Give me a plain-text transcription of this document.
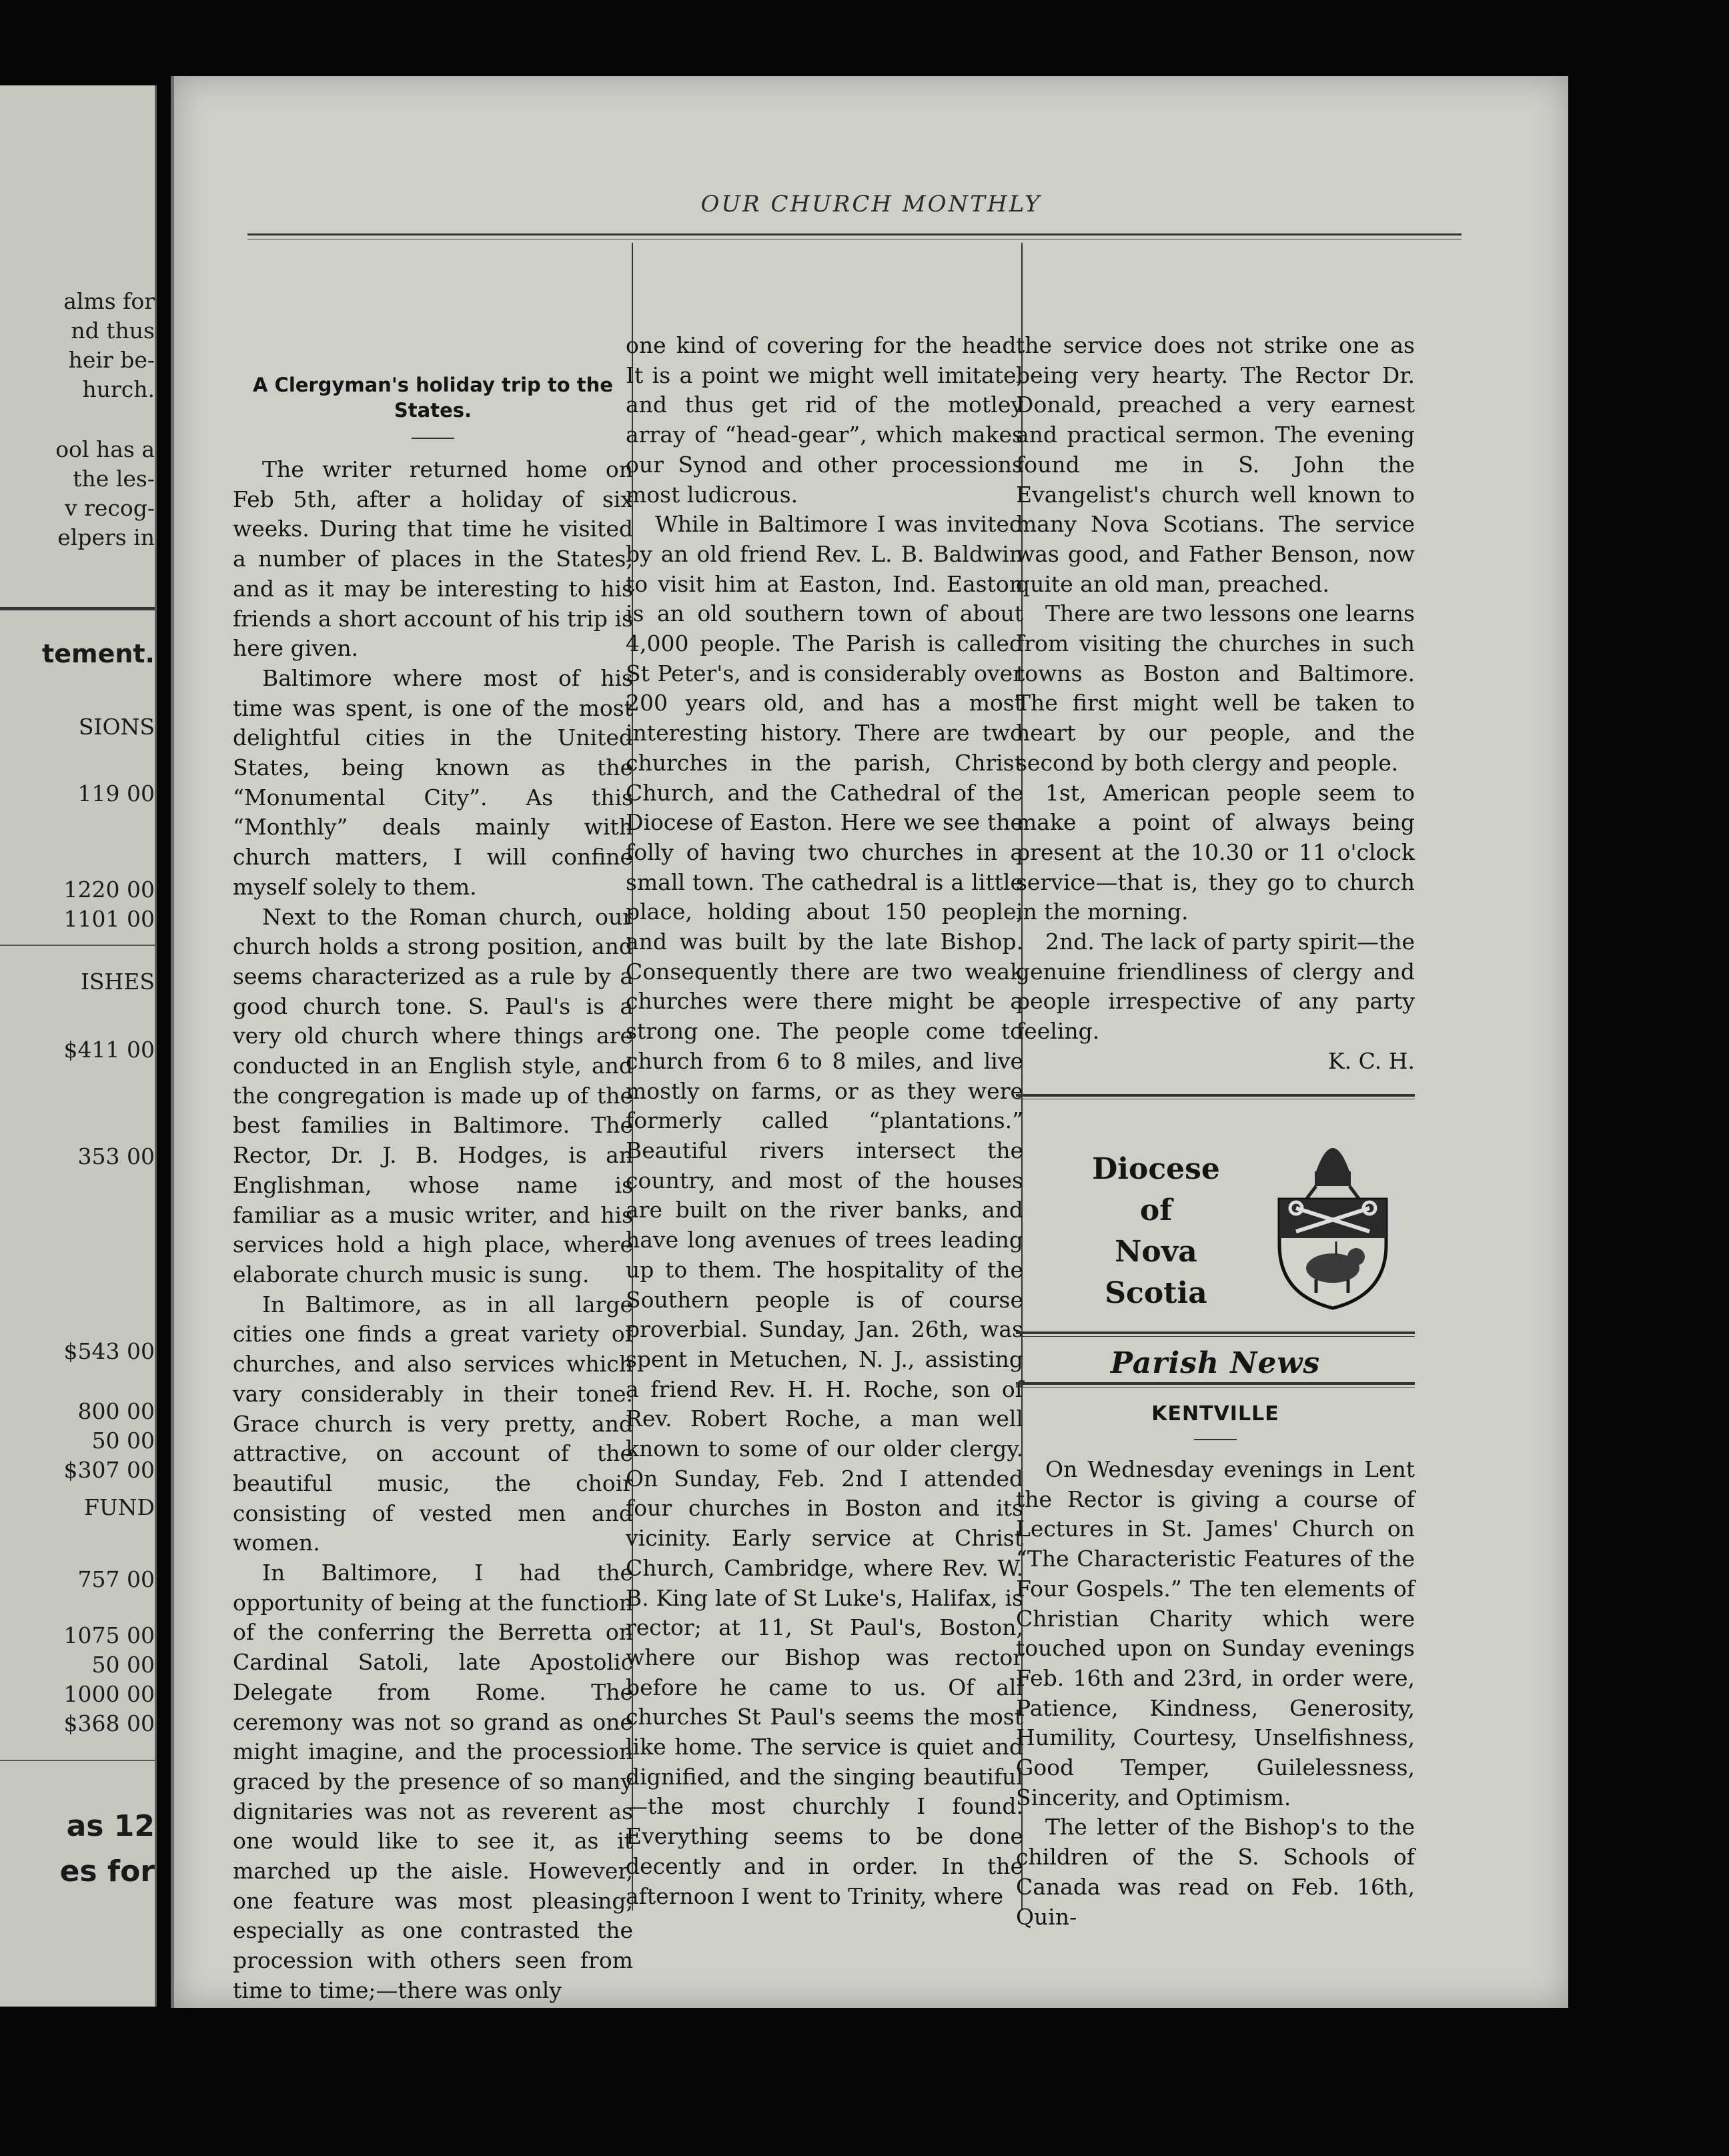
alms for
nd thus
heir be-
hurch.
ool has a
the les-
v recog-
elpers in
tement.
SIONS
119 00
1220 00
1101 00
ISHES
$411 00
353 00
$543 00
800 00
50 00
$307 00
FUND
757 00
1075 00
50 00
1000 00
$368 00
as 12
es for
OUR CHURCH MONTHLY
A Clergyman's holiday trip to the States.

The writer returned home on Feb 5th, after a holiday of six weeks. During that time he visited a number of places in the States, and as it may be interesting to his friends a short account of his trip is here given.

Baltimore where most of his time was spent, is one of the most delightful cities in the United States, being known as the “Monumental City”. As this “Monthly” deals mainly with church matters, I will confine myself solely to them.

Next to the Roman church, our church holds a strong position, and seems characterized as a rule by a good church tone. S. Paul's is a very old church where things are conducted in an English style, and the congregation is made up of the best families in Baltimore. The Rector, Dr. J. B. Hodges, is an Englishman, whose name is familiar as a music writer, and his services hold a high place, where elaborate church music is sung.

In Baltimore, as in all large cities one finds a great variety of churches, and also services which vary considerably in their tone. Grace church is very pretty, and attractive, on account of the beautiful music, the choir consisting of vested men and women.

In Baltimore, I had the opportunity of being at the function of the conferring the Berretta on Cardinal Satoli, late Apostolic Delegate from Rome. The ceremony was not so grand as one might imagine, and the procession graced by the presence of so many dignitaries was not as reverent as one would like to see it, as it marched up the aisle. However, one feature was most pleasing, especially as one contrasted the procession with others seen from time to time;—there was only

one kind of covering for the head. It is a point we might well imitate, and thus get rid of the motley array of “head-gear”, which makes our Synod and other processions most ludicrous.

While in Baltimore I was invited by an old friend Rev. L. B. Baldwin to visit him at Easton, Ind. Easton is an old southern town of about 4,000 people. The Parish is called St Peter's, and is considerably over 200 years old, and has a most interesting history. There are two churches in the parish, Christ Church, and the Cathedral of the Diocese of Easton. Here we see the folly of having two churches in a small town. The cathedral is a little place, holding about 150 people, and was built by the late Bishop. Consequently there are two weak churches were there might be a strong one. The people come to church from 6 to 8 miles, and live mostly on farms, or as they were formerly called “plantations.” Beautiful rivers intersect the country, and most of the houses are built on the river banks, and have long avenues of trees leading up to them. The hospitality of the Southern people is of course proverbial. Sunday, Jan. 26th, was spent in Metuchen, N. J., assisting a friend Rev. H. H. Roche, son of Rev. Robert Roche, a man well known to some of our older clergy. On Sunday, Feb. 2nd I attended four churches in Boston and its vicinity. Early service at Christ Church, Cambridge, where Rev. W. B. King late of St Luke's, Halifax, is rector; at 11, St Paul's, Boston, where our Bishop was rector before he came to us. Of all churches St Paul's seems the most like home. The service is quiet and dignified, and the singing beautiful—the most churchly I found. Everything seems to be done decently and in order. In the afternoon I went to Trinity, where

the service does not strike one as being very hearty. The Rector Dr. Donald, preached a very earnest and practical sermon. The evening found me in S. John the Evangelist's church well known to many Nova Scotians. The service was good, and Father Benson, now quite an old man, preached.

There are two lessons one learns from visiting the churches in such towns as Boston and Baltimore. The first might well be taken to heart by our people, and the second by both clergy and people.

1st, American people seem to make a point of always being present at the 10.30 or 11 o'clock service—that is, they go to church in the morning.

2nd. The lack of party spirit—the genuine friendliness of clergy and people irrespective of any party feeling.

K. C. H.
Diocese
of
Nova Scotia
Parish News
KENTVILLE

On Wednesday evenings in Lent the Rector is giving a course of Lectures in St. James' Church on “The Characteristic Features of the Four Gospels.” The ten elements of Christian Charity which were touched upon on Sunday evenings Feb. 16th and 23rd, in order were, Patience, Kindness, Generosity, Humility, Courtesy, Unselfishness, Good Temper, Guilelessness, Sincerity, and Optimism.

The letter of the Bishop's to the children of the S. Schools of Canada was read on Feb. 16th, Quin-
